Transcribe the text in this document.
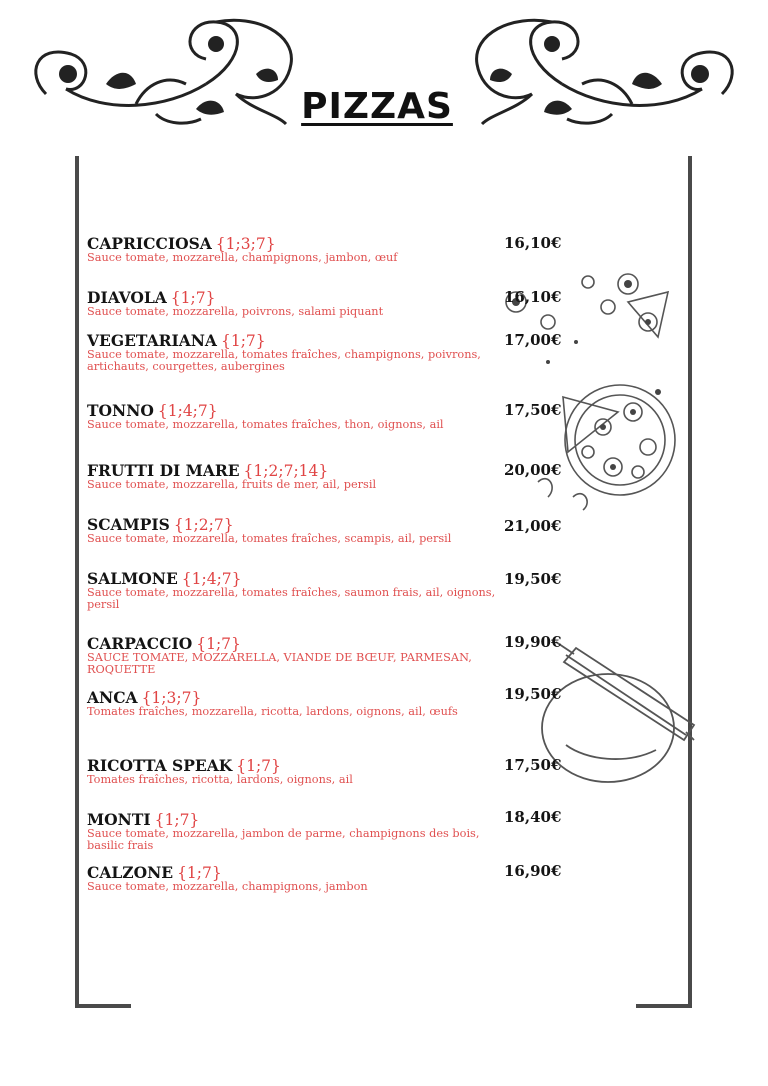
PIZZAS
CAPRICCIOSA {1;3;7}
Sauce tomate, mozzarella, champignons, jambon, œuf
16,10€
DIAVOLA {1;7}
Sauce tomate, mozzarella, poivrons, salami piquant
16,10€
VEGETARIANA {1;7}
Sauce tomate, mozzarella, tomates fraîches, champignons, poivrons, artichauts, courgettes, aubergines
17,00€
TONNO {1;4;7}
Sauce tomate, mozzarella, tomates fraîches, thon, oignons, ail
17,50€
FRUTTI DI MARE {1;2;7;14}
Sauce tomate, mozzarella, fruits de mer, ail, persil
20,00€
SCAMPIS {1;2;7}
Sauce tomate, mozzarella, tomates fraîches, scampis, ail, persil
21,00€
SALMONE {1;4;7}
Sauce tomate, mozzarella, tomates fraîches, saumon frais, ail, oignons, persil
19,50€
CARPACCIO {1;7}
SAUCE TOMATE, MOZZARELLA, VIANDE DE BŒUF, PARMESAN, ROQUETTE
19,90€
ANCA {1;3;7}
Tomates fraîches, mozzarella, ricotta, lardons, oignons, ail, œufs
19,50€
RICOTTA SPEAK {1;7}
Tomates fraîches, ricotta, lardons, oignons, ail
17,50€
MONTI {1;7}
Sauce tomate, mozzarella, jambon de parme, champignons des bois, basilic frais
18,40€
CALZONE {1;7}
Sauce tomate, mozzarella, champignons, jambon
16,90€
